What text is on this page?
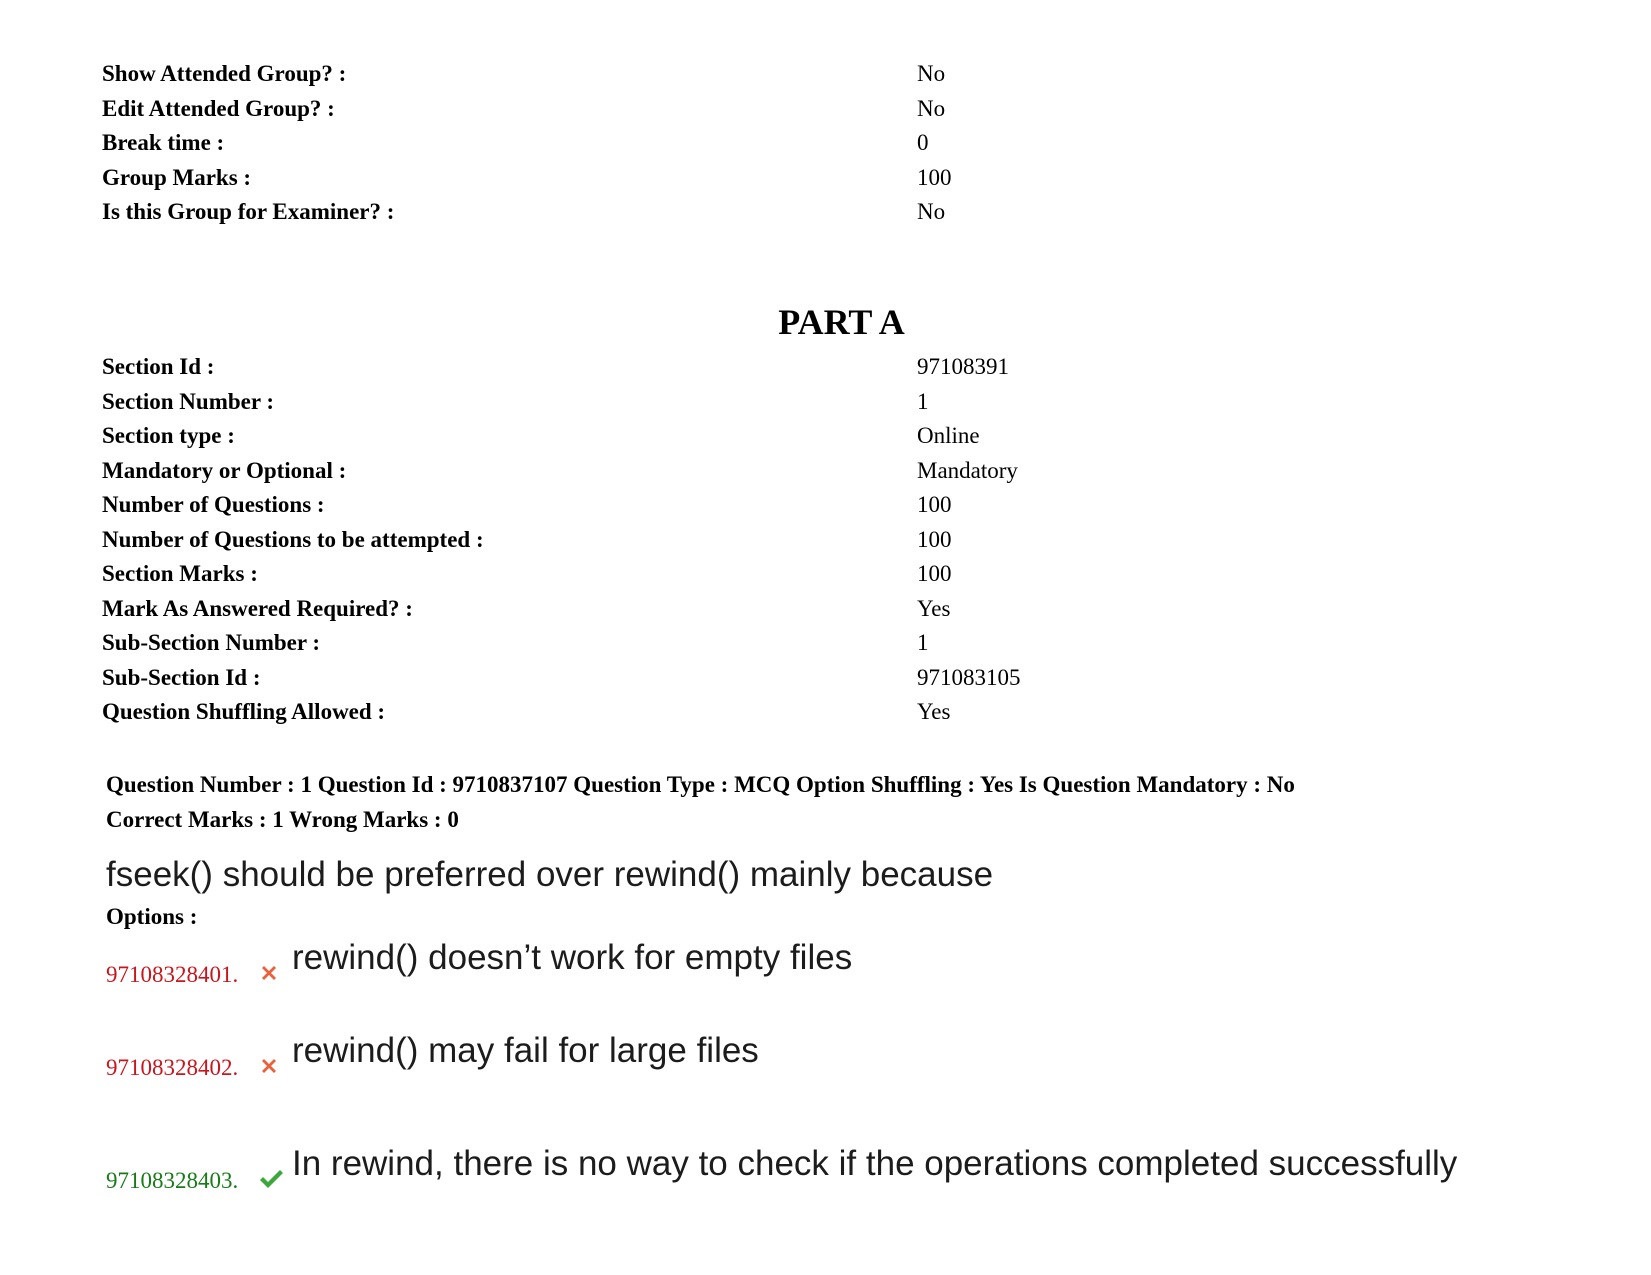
Show Attended Group? :	No
Edit Attended Group? :	No
Break time :	0
Group Marks :	100
Is this Group for Examiner? :	No
PART A
Section Id :	97108391
Section Number :	1
Section type :	Online
Mandatory or Optional :	Mandatory
Number of Questions :	100
Number of Questions to be attempted :	100
Section Marks :	100
Mark As Answered Required? :	Yes
Sub-Section Number :	1
Sub-Section Id :	971083105
Question Shuffling Allowed :	Yes
Question Number : 1 Question Id : 9710837107 Question Type : MCQ Option Shuffling : Yes Is Question Mandatory : No
Correct Marks : 1 Wrong Marks : 0
fseek() should be preferred over rewind() mainly because
Options :
97108328401. rewind() doesn’t work for empty files
97108328402. rewind() may fail for large files
97108328403. In rewind, there is no way to check if the operations completed successfully
